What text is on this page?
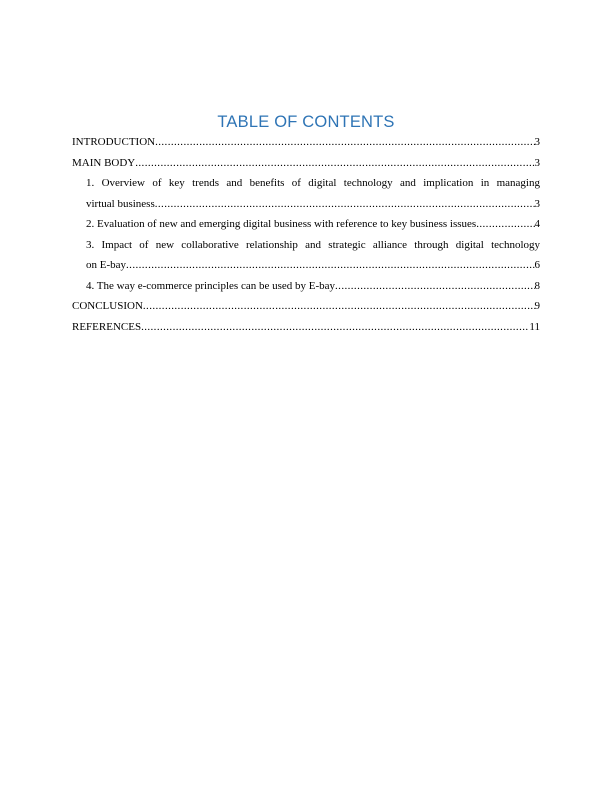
TABLE OF CONTENTS
INTRODUCTION .....	3
MAIN BODY .....	3
1. Overview of key trends and benefits of digital technology and implication in managing
virtual business .....	3
2. Evaluation of new and emerging digital business with reference to key business issues .....	4
3. Impact of new collaborative relationship and strategic alliance through digital technology
on E-bay .....	6
4. The way e-commerce principles can be used by E-bay .....	8
CONCLUSION .....	9
REFERENCES .....	11
